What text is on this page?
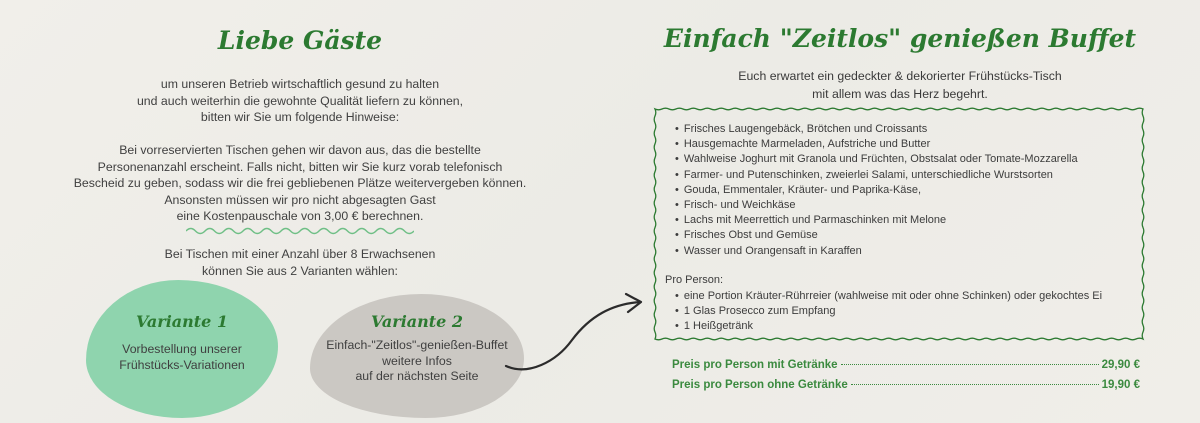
Liebe Gäste
um unseren Betrieb wirtschaftlich gesund zu halten
und auch weiterhin die gewohnte Qualität liefern zu können,
bitten wir Sie um folgende Hinweise:
Bei vorreservierten Tischen gehen wir davon aus, das die bestellte
Personenanzahl erscheint. Falls nicht, bitten wir Sie kurz vorab telefonisch
Bescheid zu geben, sodass wir die frei gebliebenen Plätze weitervergeben können.
Ansonsten müssen wir pro nicht abgesagten Gast
eine Kostenpauschale von 3,00 € berechnen.
Bei Tischen mit einer Anzahl über 8 Erwachsenen
können Sie aus 2 Varianten wählen:
Variante 1
Vorbestellung unserer
Frühstücks-Variationen
Variante 2
Einfach-"Zeitlos"-genießen-Buffet
weitere Infos
auf der nächsten Seite
Einfach "Zeitlos" genießen Buffet
Euch erwartet ein gedeckter & dekorierter Frühstücks-Tisch
mit allem was das Herz begehrt.
• Frisches Laugengebäck, Brötchen und Croissants
• Hausgemachte Marmeladen, Aufstriche und Butter
• Wahlweise Joghurt mit Granola und Früchten, Obstsalat oder Tomate-Mozzarella
• Farmer- und Putenschinken, zweierlei Salami, unterschiedliche Wurstsorten
• Gouda, Emmentaler, Kräuter- und Paprika-Käse,
• Frisch- und Weichkäse
• Lachs mit Meerrettich und Parmaschinken mit Melone
• Frisches Obst und Gemüse
• Wasser und Orangensaft in Karaffen
Pro Person:
• eine Portion Kräuter-Rührreier (wahlweise mit oder ohne Schinken) oder gekochtes Ei
• 1 Glas Prosecco zum Empfang
• 1 Heißgetränk
Preis pro Person mit Getränke	29,90 €
Preis pro Person ohne Getränke	19,90 €
